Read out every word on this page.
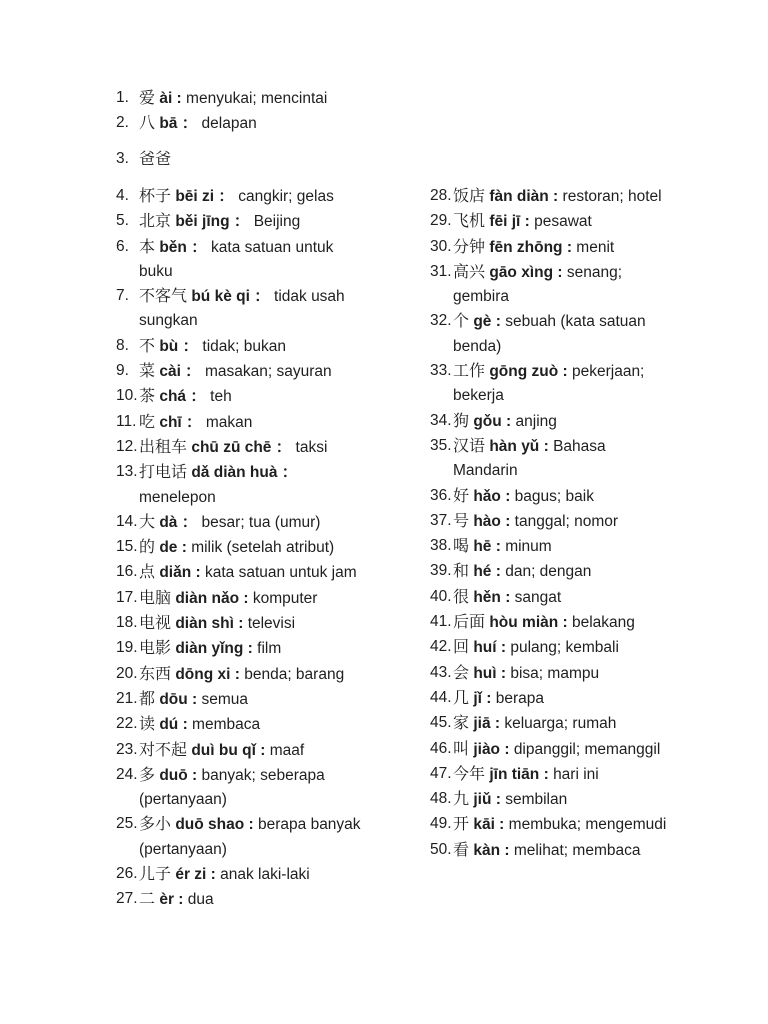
1. 爱 ài : menyukai; mencintai
2. 八 bā ： delapan
3. 爸爸
4. 杯子 bēi zi ： cangkir; gelas
5. 北京 běi jīng ： Beijing
6. 本 běn ： kata satuan untuk buku
7. 不客气 bú kè qi ： tidak usah sungkan
8. 不 bù ： tidak; bukan
9. 菜 cài ： masakan; sayuran
10. 茶 chá ： teh
11. 吃 chī ： makan
12. 出租车 chū zū chē ： taksi
13. 打电话 dǎ diàn huà ： menelepon
14. 大 dà ： besar; tua (umur)
15. 的 de : milik (setelah atribut)
16. 点 diǎn : kata satuan untuk jam
17. 电脑 diàn nǎo : komputer
18. 电视 diàn shì : televisi
19. 电影 diàn yǐng : film
20. 东西 dōng xi : benda; barang
21. 都 dōu : semua
22. 读 dú : membaca
23. 对不起 duì bu qǐ : maaf
24. 多 duō : banyak; seberapa (pertanyaan)
25. 多小 duō shao : berapa banyak (pertanyaan)
26. 儿子 ér zi : anak laki-laki
27. 二 èr : dua
28. 饭店 fàn diàn : restoran; hotel
29. 飞机 fēi jī : pesawat
30. 分钟 fēn zhōng : menit
31. 高兴 gāo xìng : senang; gembira
32. 个 gè : sebuah (kata satuan benda)
33. 工作 gōng zuò : pekerjaan; bekerja
34. 狗 gǒu : anjing
35. 汉语 hàn yǔ : Bahasa Mandarin
36. 好 hǎo : bagus; baik
37. 号 hào : tanggal; nomor
38. 喝 hē : minum
39. 和 hé : dan; dengan
40. 很 hěn : sangat
41. 后面 hòu miàn : belakang
42. 回 huí : pulang; kembali
43. 会 huì : bisa; mampu
44. 几 jǐ : berapa
45. 家 jiā : keluarga; rumah
46. 叫 jiào : dipanggil; memanggil
47. 今年 jīn tiān : hari ini
48. 九 jiǔ : sembilan
49. 开 kāi : membuka; mengemudi
50. 看 kàn : melihat; membaca
